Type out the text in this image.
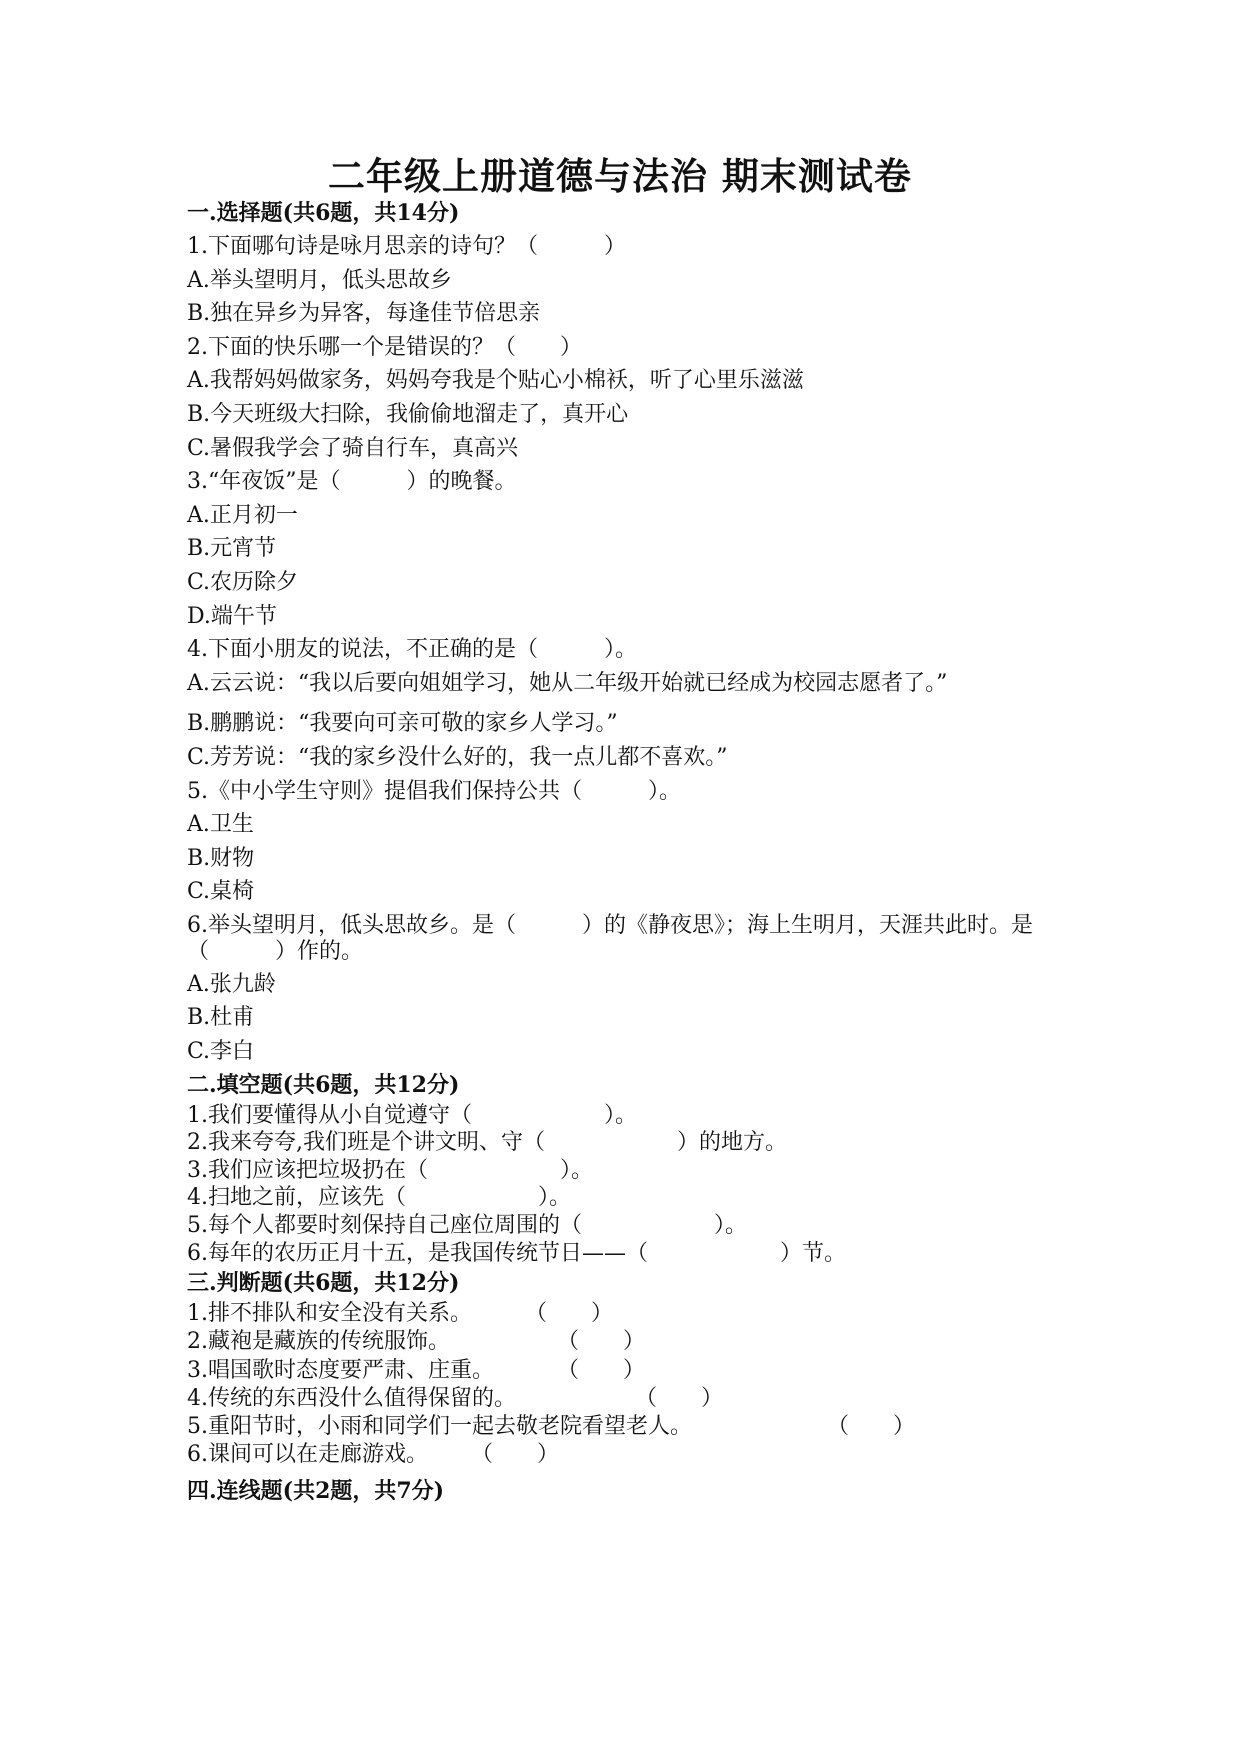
二年级上册道德与法治 期末测试卷
一.选择题(共6题，共14分)
1.下面哪句诗是咏月思亲的诗句？（　　　）
A.举头望明月，低头思故乡
B.独在异乡为异客，每逢佳节倍思亲
2.下面的快乐哪一个是错误的？（　　）
A.我帮妈妈做家务，妈妈夸我是个贴心小棉袄，听了心里乐滋滋
B.今天班级大扫除，我偷偷地溜走了，真开心
C.暑假我学会了骑自行车，真高兴
3.“年夜饭”是（　　　）的晚餐。
A.正月初一
B.元宵节
C.农历除夕
D.端午节
4.下面小朋友的说法，不正确的是（　　　）。
A.云云说：“我以后要向姐姐学习，她从二年级开始就已经成为校园志愿者了。”
B.鹏鹏说：“我要向可亲可敬的家乡人学习。”
C.芳芳说：“我的家乡没什么好的，我一点儿都不喜欢。”
5.《中小学生守则》提倡我们保持公共（　　　）。
A.卫生
B.财物
C.桌椅
6.举头望明月，低头思故乡。是（　　　）的《静夜思》；海上生明月，天涯共此时。是（　　　）作的。
A.张九龄
B.杜甫
C.李白
二.填空题(共6题，共12分)
1.我们要懂得从小自觉遵守（　　　　　　）。
2.我来夸夸,我们班是个讲文明、守（　　　　　　）的地方。
3.我们应该把垃圾扔在（　　　　　　）。
4.扫地之前，应该先（　　　　　　）。
5.每个人都要时刻保持自己座位周围的（　　　　　　）。
6.每年的农历正月十五，是我国传统节日——（　　　　　　）节。
三.判断题(共6题，共12分)
1.排不排队和安全没有关系。 （　　）
2.藏袍是藏族的传统服饰。	（　　）
3.唱国歌时态度要严肃、庄重。	（　　）
4.传统的东西没什么值得保留的。	（　　）
5.重阳节时，小雨和同学们一起去敬老院看望老人。	（　　）
6.课间可以在走廊游戏。 （　　）
四.连线题(共2题，共7分)
